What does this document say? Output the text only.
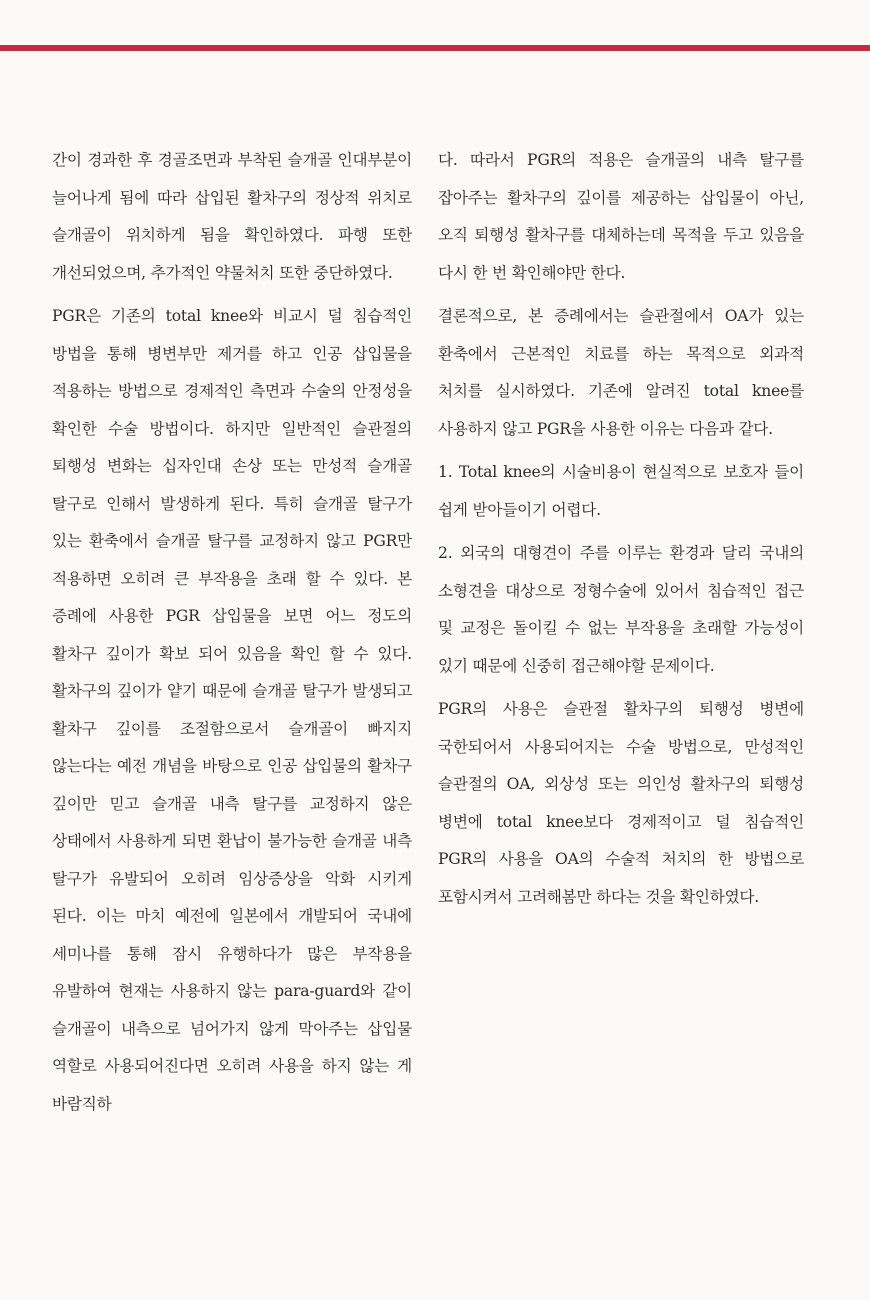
간이 경과한 후 경골조면과 부착된 슬개골 인대부분이 늘어나게 됨에 따라 삽입된 활차구의 정상적 위치로 슬개골이 위치하게 됨을 확인하였다. 파행 또한 개선되었으며, 추가적인 약물처치 또한 중단하였다.

PGR은 기존의 total knee와 비교시 덜 침습적인 방법을 통해 병변부만 제거를 하고 인공 삽입물을 적용하는 방법으로 경제적인 측면과 수술의 안정성을 확인한 수술 방법이다. 하지만 일반적인 슬관절의 퇴행성 변화는 십자인대 손상 또는 만성적 슬개골 탈구로 인해서 발생하게 된다. 특히 슬개골 탈구가 있는 환축에서 슬개골 탈구를 교정하지 않고 PGR만 적용하면 오히려 큰 부작용을 초래 할 수 있다. 본 증례에 사용한 PGR 삽입물을 보면 어느 정도의 활차구 깊이가 확보 되어 있음을 확인 할 수 있다. 활차구의 깊이가 얕기 때문에 슬개골 탈구가 발생되고 활차구 깊이를 조절함으로서 슬개골이 빠지지 않는다는 예전 개념을 바탕으로 인공 삽입물의 활차구 깊이만 믿고 슬개골 내측 탈구를 교정하지 않은 상태에서 사용하게 되면 환납이 불가능한 슬개골 내측 탈구가 유발되어 오히려 임상증상을 악화 시키게 된다. 이는 마치 예전에 일본에서 개발되어 국내에 세미나를 통해 잠시 유행하다가 많은 부작용을 유발하여 현재는 사용하지 않는 para-guard와 같이 슬개골이 내측으로 넘어가지 않게 막아주는 삽입물 역할로 사용되어진다면 오히려 사용을 하지 않는 게 바람직하

다. 따라서 PGR의 적용은 슬개골의 내측 탈구를 잡아주는 활차구의 깊이를 제공하는 삽입물이 아닌, 오직 퇴행성 활차구를 대체하는데 목적을 두고 있음을 다시 한 번 확인해야만 한다.

결론적으로, 본 증례에서는 슬관절에서 OA가 있는 환축에서 근본적인 치료를 하는 목적으로 외과적 처치를 실시하였다. 기존에 알려진 total knee를 사용하지 않고 PGR을 사용한 이유는 다음과 같다.

1. Total knee의 시술비용이 현실적으로 보호자 들이 쉽게 받아들이기 어렵다.

2. 외국의 대형견이 주를 이루는 환경과 달리 국내의 소형견을 대상으로 정형수술에 있어서 침습적인 접근 및 교정은 돌이킬 수 없는 부작용을 초래할 가능성이 있기 때문에 신중히 접근해야할 문제이다.

PGR의 사용은 슬관절 활차구의 퇴행성 병변에 국한되어서 사용되어지는 수술 방법으로, 만성적인 슬관절의 OA, 외상성 또는 의인성 활차구의 퇴행성 병변에 total knee보다 경제적이고 덜 침습적인 PGR의 사용을 OA의 수술적 처치의 한 방법으로 포함시켜서 고려해봄만 하다는 것을 확인하였다.
